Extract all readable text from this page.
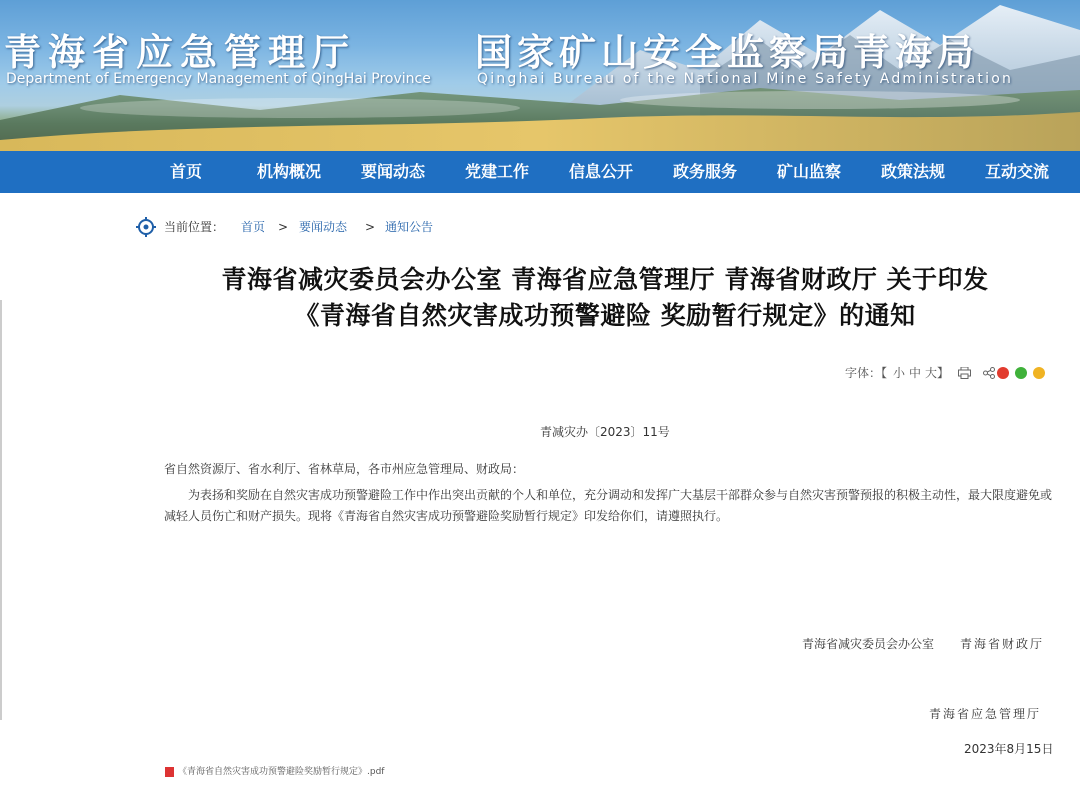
青海省应急管理厅
Department of Emergency Management of QingHai Province
国家矿山安全监察局青海局
Qinghai Bureau of the National Mine Safety Administration
首页	机构概况 要闻动态 党建工作 信息公开 政务服务 矿山监察 政策法规 互动交流
当前位置： 首页 > 要闻动态 > 通知公告
青海省减灾委员会办公室 青海省应急管理厅 青海省财政厅 关于印发
《青海省自然灾害成功预警避险 奖励暂行规定》的通知
字体：【 小 中 大 】
青减灾办〔2023〕11号
省自然资源厅、省水利厅、省林草局，各市州应急管理局、财政局：
为表扬和奖励在自然灾害成功预警避险工作中作出突出贡献的个人和单位，充分调动和发挥广大基层干部群众参与自然灾害预警预报的积极主动性，最大限度避免或减轻人员伤亡和财产损失。现将《青海省自然灾害成功预警避险奖励暂行规定》印发给你们，请遵照执行。
青海省减灾委员会办公室 青海省财政厅
青海省应急管理厅
2023年8月15日
《青海省自然灾害成功预警避险奖励暂行规定》.pdf
